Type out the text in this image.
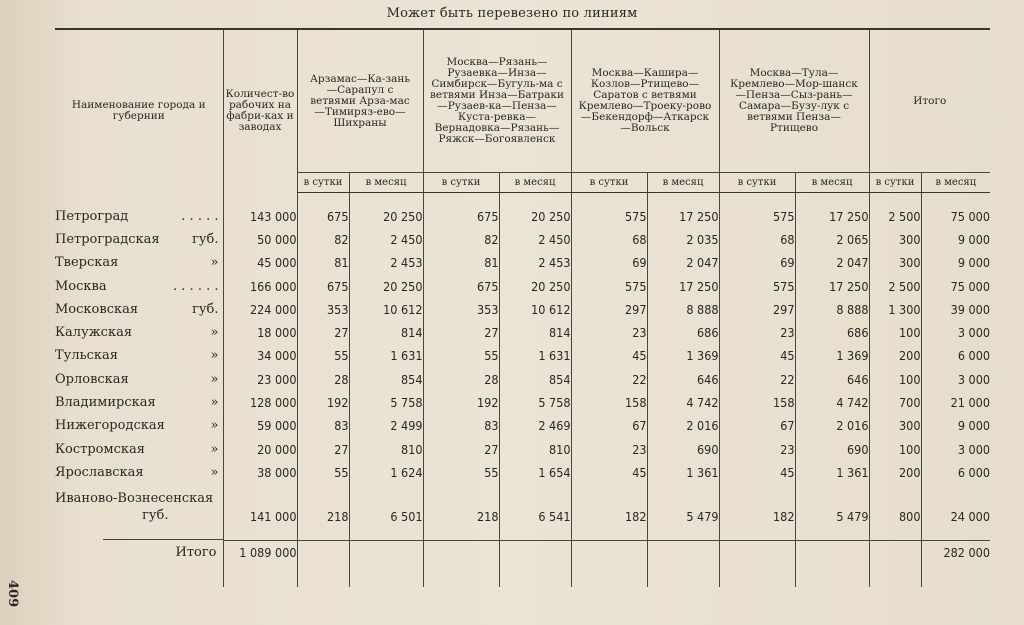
Может быть перевезено по линиям
409

Наименование города и губернии	Количест-во рабочих на фабри-ках и заводах	Арзамас—Ка-зань—Сарапул с ветвями Арза-мас—Тимиряз-ево—Шихраны		Москва—Рязань—Рузаевка—Инза—Симбирск—Бугуль-ма с ветвями Инза—Батраки—Рузаев-ка—Пенза—Куста-ревка—Вернадовка—Рязань—Ряжск—Богоявленск		Москва—Кашира—Козлов—Ртищево—Саратов с ветвями Кремлево—Троеку-рово—Бекендорф—Аткарск—Вольск		Москва—Тула—Кремлево—Мор-шанск—Пенза—Сыз-рань—Самара—Бузу-лук с ветвями Пенза—Ртищево		Итого	
		в сутки	в месяц	в сутки	в месяц	в сутки	в месяц	в сутки	в месяц	в сутки	в месяц

Петроград . . . . .	143 000	675	20 250	675	20 250	575	17 250	575	17 250	2 500	75 000
Петроградская губ.	50 000	82	2 450	82	2 450	68	2 035	68	2 065	300	9 000
Тверская »	45 000	81	2 453	81	2 453	69	2 047	69	2 047	300	9 000
Москва . . . . . .	166 000	675	20 250	675	20 250	575	17 250	575	17 250	2 500	75 000
Московская губ.	224 000	353	10 612	353	10 612	297	8 888	297	8 888	1 300	39 000
Калужская »	18 000	27	814	27	814	23	686	23	686	100	3 000
Тульская »	34 000	55	1 631	55	1 631	45	1 369	45	1 369	200	6 000
Орловская »	23 000	28	854	28	854	22	646	22	646	100	3 000
Владимирская »	128 000	192	5 758	192	5 758	158	4 742	158	4 742	700	21 000
Нижегородская »	59 000	83	2 499	83	2 469	67	2 016	67	2 016	300	9 000
Костромская »	20 000	27	810	27	810	23	690	23	690	100	3 000
Ярославская »	38 000	55	1 624	55	1 654	45	1 361	45	1 361	200	6 000
Иваново-Вознесенская
губ.	141 000	218	6 501	218	6 541	182	5 479	182	5 479	800	24 000

Итого	1 089 000										282 000
